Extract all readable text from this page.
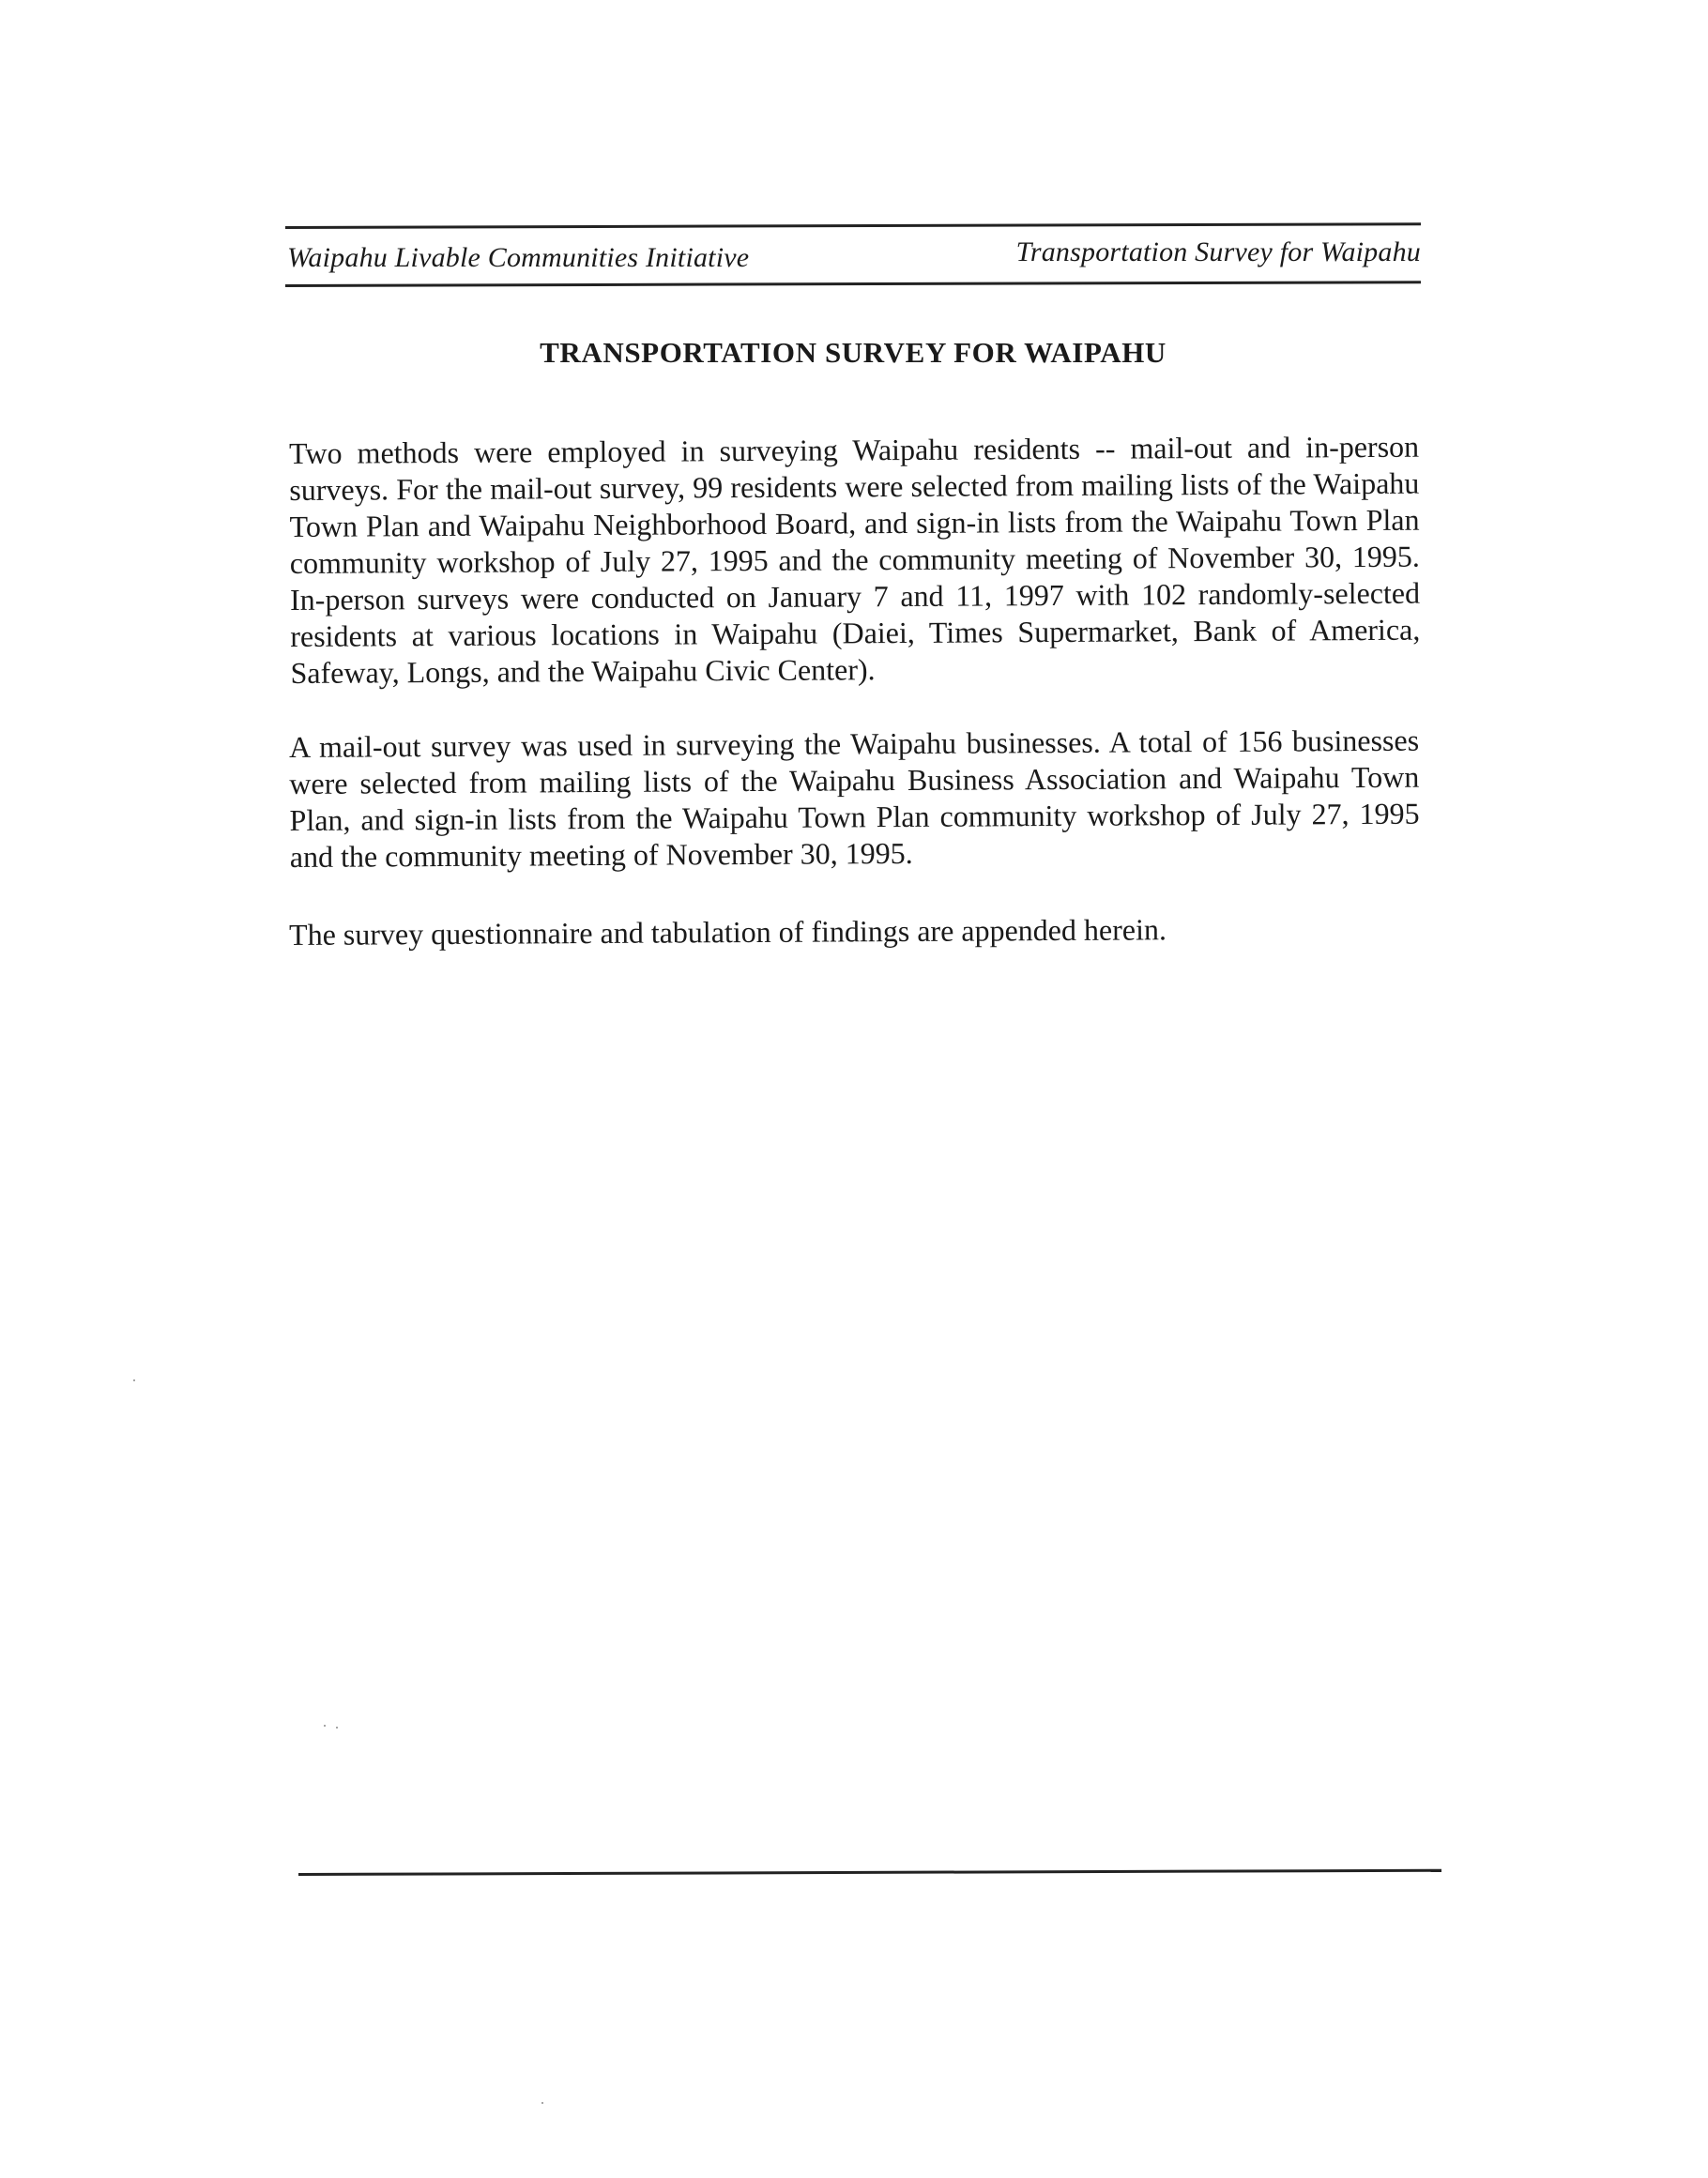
Waipahu Livable Communities Initiative	Transportation Survey for Waipahu
TRANSPORTATION SURVEY FOR WAIPAHU

Two methods were employed in surveying Waipahu residents -- mail-out and in-person surveys. For the mail-out survey, 99 residents were selected from mailing lists of the Waipahu Town Plan and Waipahu Neighborhood Board, and sign-in lists from the Waipahu Town Plan community workshop of July 27, 1995 and the community meeting of November 30, 1995. In-person surveys were conducted on January 7 and 11, 1997 with 102 randomly-selected residents at various locations in Waipahu (Daiei, Times Supermarket, Bank of America, Safeway, Longs, and the Waipahu Civic Center).

A mail-out survey was used in surveying the Waipahu businesses. A total of 156 businesses were selected from mailing lists of the Waipahu Business Association and Waipahu Town Plan, and sign-in lists from the Waipahu Town Plan community workshop of July 27, 1995 and the community meeting of November 30, 1995.

The survey questionnaire and tabulation of findings are appended herein.
